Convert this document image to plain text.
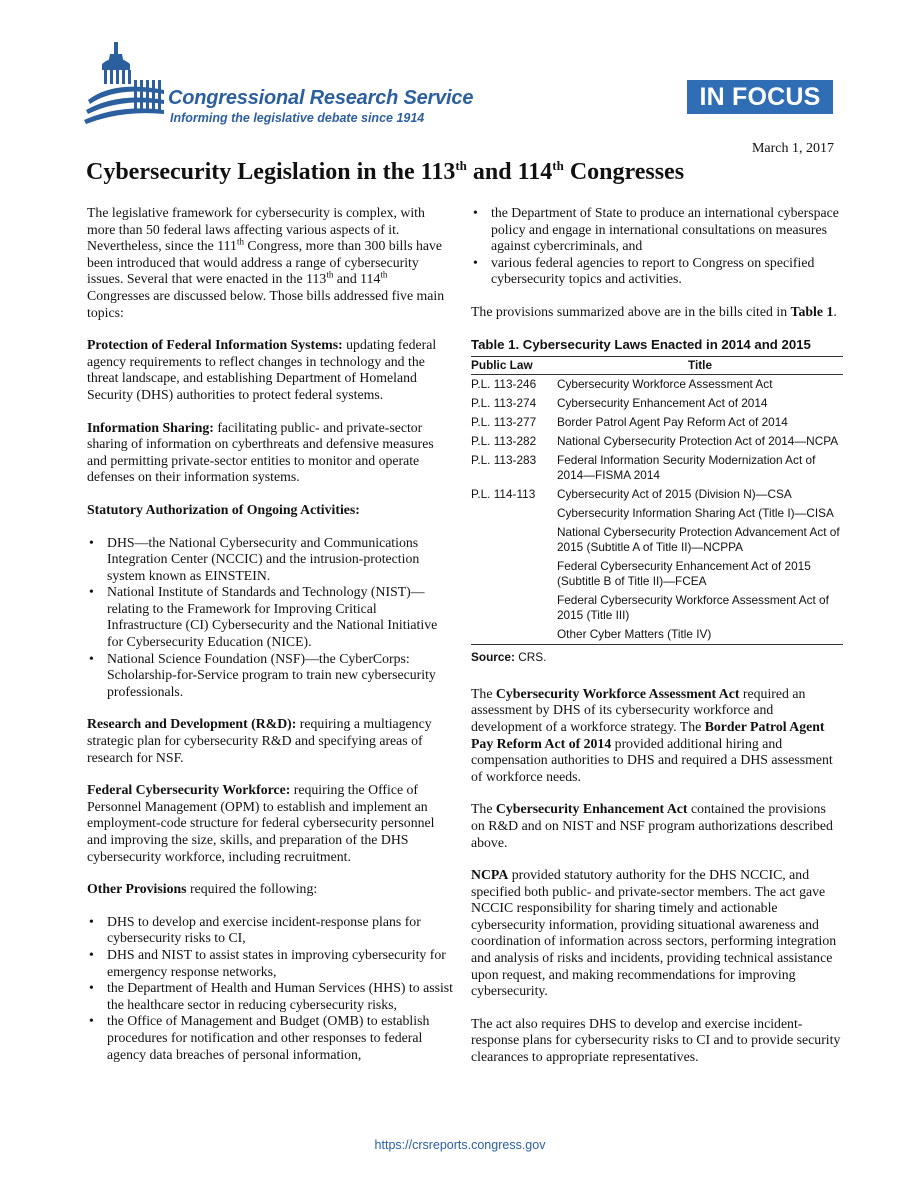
Congressional Research Service
Informing the legislative debate since 1914
IN FOCUS
March 1, 2017
Cybersecurity Legislation in the 113th and 114th Congresses

The legislative framework for cybersecurity is complex, with more than 50 federal laws affecting various aspects of it. Nevertheless, since the 111th Congress, more than 300 bills have been introduced that would address a range of cybersecurity issues. Several that were enacted in the 113th and 114th Congresses are discussed below. Those bills addressed five main topics:

Protection of Federal Information Systems: updating federal agency requirements to reflect changes in technology and the threat landscape, and establishing Department of Homeland Security (DHS) authorities to protect federal systems.

Information Sharing: facilitating public- and private-sector sharing of information on cyberthreats and defensive measures and permitting private-sector entities to monitor and operate defenses on their information systems.

Statutory Authorization of Ongoing Activities:

• DHS—the National Cybersecurity and Communications Integration Center (NCCIC) and the intrusion-protection system known as EINSTEIN.
• National Institute of Standards and Technology (NIST)—relating to the Framework for Improving Critical Infrastructure (CI) Cybersecurity and the National Initiative for Cybersecurity Education (NICE).
• National Science Foundation (NSF)—the CyberCorps: Scholarship-for-Service program to train new cybersecurity professionals.

Research and Development (R&D): requiring a multiagency strategic plan for cybersecurity R&D and specifying areas of research for NSF.

Federal Cybersecurity Workforce: requiring the Office of Personnel Management (OPM) to establish and implement an employment-code structure for federal cybersecurity personnel and improving the size, skills, and preparation of the DHS cybersecurity workforce, including recruitment.

Other Provisions required the following:

• DHS to develop and exercise incident-response plans for cybersecurity risks to CI,
• DHS and NIST to assist states in improving cybersecurity for emergency response networks,
• the Department of Health and Human Services (HHS) to assist the healthcare sector in reducing cybersecurity risks,
• the Office of Management and Budget (OMB) to establish procedures for notification and other responses to federal agency data breaches of personal information,
• the Department of State to produce an international cyberspace policy and engage in international consultations on measures against cybercriminals, and
• various federal agencies to report to Congress on specified cybersecurity topics and activities.

The provisions summarized above are in the bills cited in Table 1.

Table 1. Cybersecurity Laws Enacted in 2014 and 2015
Public Law	Title
P.L. 113-246	Cybersecurity Workforce Assessment Act
P.L. 113-274	Cybersecurity Enhancement Act of 2014
P.L. 113-277	Border Patrol Agent Pay Reform Act of 2014
P.L. 113-282	National Cybersecurity Protection Act of 2014—NCPA
P.L. 113-283	Federal Information Security Modernization Act of 2014—FISMA 2014
P.L. 114-113	Cybersecurity Act of 2015 (Division N)—CSA
	Cybersecurity Information Sharing Act (Title I)—CISA
	National Cybersecurity Protection Advancement Act of 2015 (Subtitle A of Title II)—NCPPA
	Federal Cybersecurity Enhancement Act of 2015 (Subtitle B of Title II)—FCEA
	Federal Cybersecurity Workforce Assessment Act of 2015 (Title III)
	Other Cyber Matters (Title IV)
Source: CRS.

The Cybersecurity Workforce Assessment Act required an assessment by DHS of its cybersecurity workforce and development of a workforce strategy. The Border Patrol Agent Pay Reform Act of 2014 provided additional hiring and compensation authorities to DHS and required a DHS assessment of workforce needs.

The Cybersecurity Enhancement Act contained the provisions on R&D and on NIST and NSF program authorizations described above.

NCPA provided statutory authority for the DHS NCCIC, and specified both public- and private-sector members. The act gave NCCIC responsibility for sharing timely and actionable cybersecurity information, providing situational awareness and coordination of information across sectors, performing integration and analysis of risks and incidents, providing technical assistance upon request, and making recommendations for improving cybersecurity.

The act also requires DHS to develop and exercise incident-response plans for cybersecurity risks to CI and to provide security clearances to appropriate representatives.

https://crsreports.congress.gov
